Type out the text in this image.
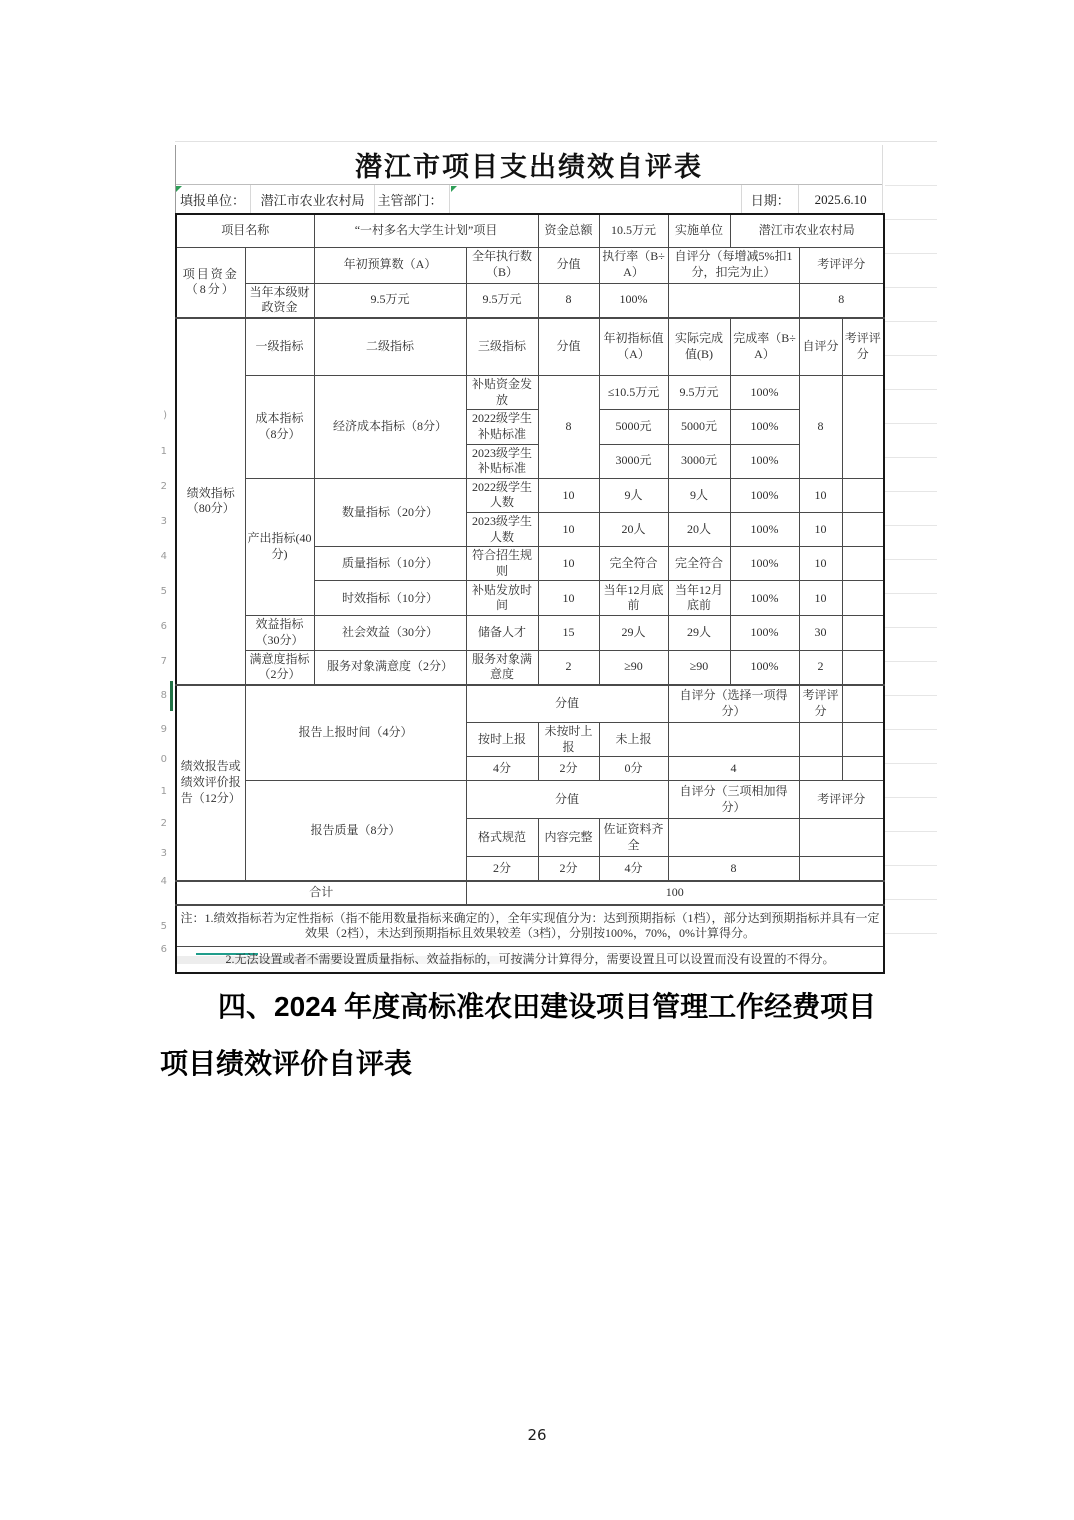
)
1
2
3
4
5
6
7
8
9
0
1
2
3
4
5
6
潜江市项目支出绩效自评表
填报单位：	潜江市农业农村局 主管部门：	日期：	2025.6.10
项目名称		“一村多名大学生计划”项目		资金总额	10.5万元	实施单位	潜江市农业农村局		
项目资金（8分）		年初预算数（A）	全年执行数（B）	分值	执行率（B÷A）	自评分（每增减5%扣1分，扣完为止）		考评评分	
	当年本级财政资金	9.5万元	9.5万元	8	100%			8	
绩效指标（80分）	一级指标	二级指标	三级指标	分值	年初指标值（A）	实际完成值(B)	完成率（B÷A）	自评分	考评评分
	成本指标（8分）	经济成本指标（8分）	补贴资金发放	8	≤10.5万元	9.5万元	100%	8	
			2022级学生补贴标准		5000元	5000元	100%		
			2023级学生补贴标准		3000元	3000元	100%		
	产出指标(40分)	数量指标（20分）	2022级学生人数	10	9人	9人	100%	10	
			2023级学生人数	10	20人	20人	100%	10	
		质量指标（10分）	符合招生规则	10	完全符合	完全符合	100%	10	
		时效指标（10分）	补贴发放时间	10	当年12月底前	当年12月底前	100%	10	
	效益指标（30分）	社会效益（30分）	储备人才	15	29人	29人	100%	30	
	满意度指标（2分）	服务对象满意度（2分）	服务对象满意度	2	≥90	≥90	100%	2	
绩效报告或绩效评价报告（12分）	报告上报时间（4分）		分值			自评分（选择一项得分）		考评评分	
			按时上报	未按时上报	未上报				
			4分	2分	0分	4			
	报告质量（8分）		分值			自评分（三项相加得分）		考评评分	
			格式规范	内容完整	佐证资料齐全				
			2分	2分	4分	8			
合计			100						
注：1.绩效指标若为定性指标（指不能用数量指标来确定的），全年实现值分为：达到预期指标（1档），部分达到预期指标并具有一定效果（2档），未达到预期指标且效果较差（3档），分别按100%，70%，0%计算得分。									
2.无法设置或者不需要设置质量指标、效益指标的，可按满分计算得分，需要设置且可以设置而没有设置的不得分。									
四、2024 年度高标准农田建设项目管理工作经费项目
项目绩效评价自评表
26
